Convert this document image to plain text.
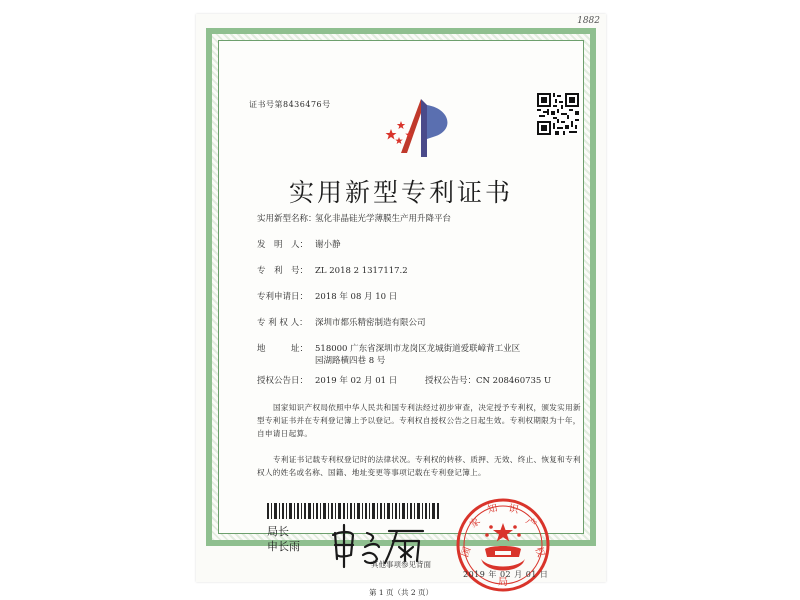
1882
证书号第8436476号
实用新型专利证书
实用新型名称：氢化非晶硅光学薄膜生产用升降平台
发　明　人： 谢小静
专　利　号： ZL 2018 2 1317117.2
专利申请日： 2018 年 08 月 10 日
专 利 权 人： 深圳市都乐精密制造有限公司
地　　　址： 518000 广东省深圳市龙岗区龙城街道爱联嶂背工业区园湖路横四巷 8 号
授权公告日： 2019 年 02 月 01 日	授权公告号：CN 208460735 U
国家知识产权局依照中华人民共和国专利法经过初步审查，决定授予专利权，颁发实用新型专利证书并在专利登记簿上予以登记。专利权自授权公告之日起生效。专利权期限为十年，自申请日起算。
专利证书记载专利权登记时的法律状况。专利权的转移、质押、无效、终止、恢复和专利权人的姓名或名称、国籍、地址变更等事项记载在专利登记簿上。
局长
申长雨	国
家
知 识
产
权
局
2019 年 02 月 01 日
第 1 页（共 2 页）
其他事项参见背面
